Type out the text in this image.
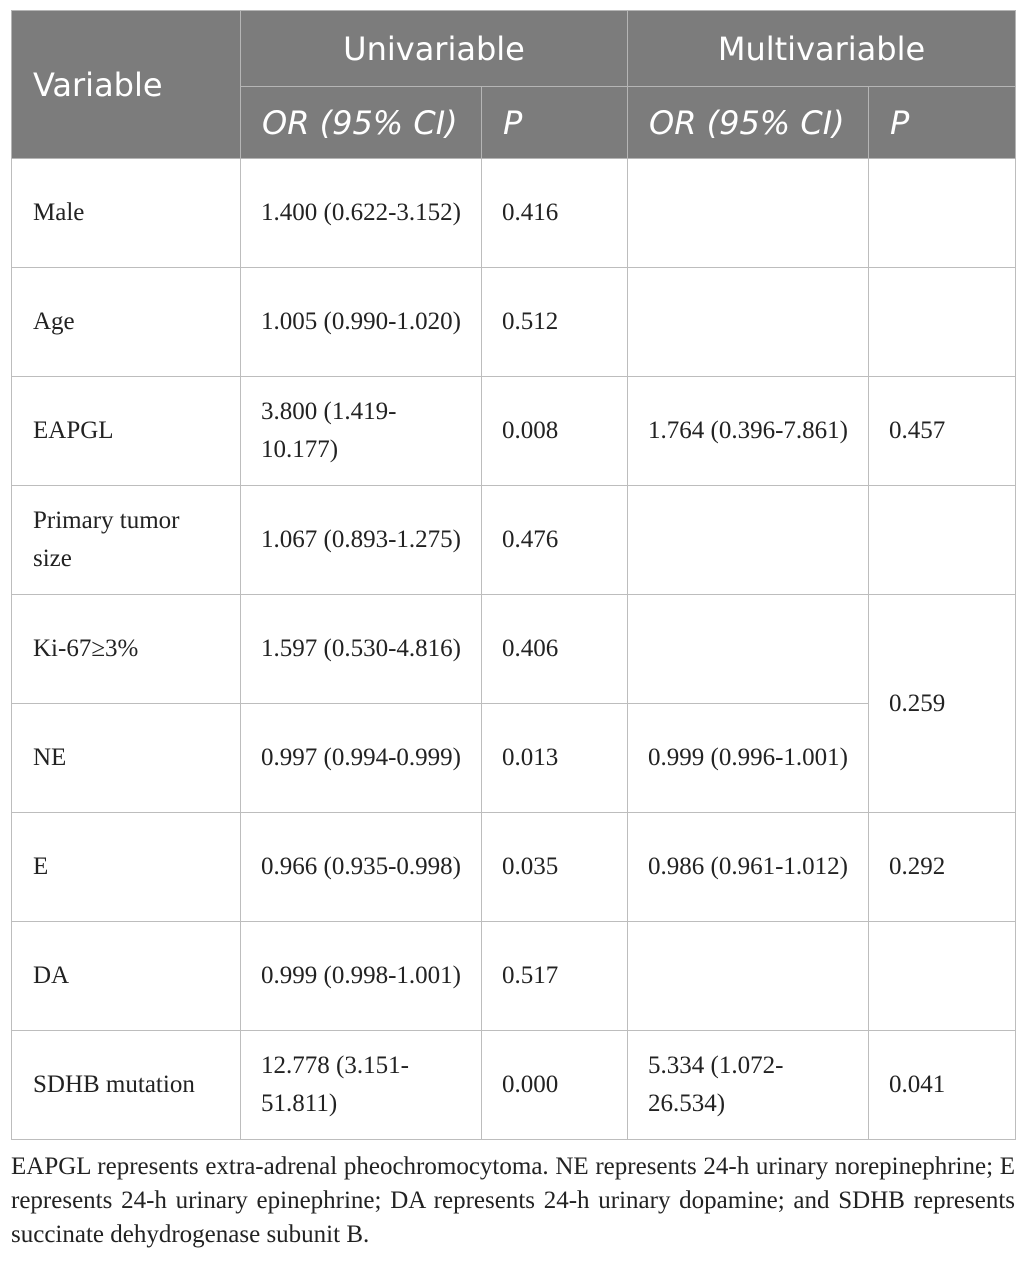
Variable	Univariable		Multivariable	
	OR (95% CI)	P	OR (95% CI)	P
Male	1.400 (0.622-3.152)	0.416		
Age	1.005 (0.990-1.020)	0.512		
EAPGL	3.800 (1.419-10.177)	0.008	1.764 (0.396-7.861)	0.457
Primary tumor size	1.067 (0.893-1.275)	0.476		
Ki-67≥3%	1.597 (0.530-4.816)	0.406		0.259
NE	0.997 (0.994-0.999)	0.013	0.999 (0.996-1.001)	
E	0.966 (0.935-0.998)	0.035	0.986 (0.961-1.012)	0.292
DA	0.999 (0.998-1.001)	0.517		
SDHB mutation	12.778 (3.151-51.811)	0.000	5.334 (1.072-26.534)	0.041

EAPGL represents extra-adrenal pheochromocytoma. NE represents 24-h urinary norepinephrine; E represents 24-h urinary epinephrine; DA represents 24-h urinary dopamine; and SDHB represents succinate dehydrogenase subunit B.
